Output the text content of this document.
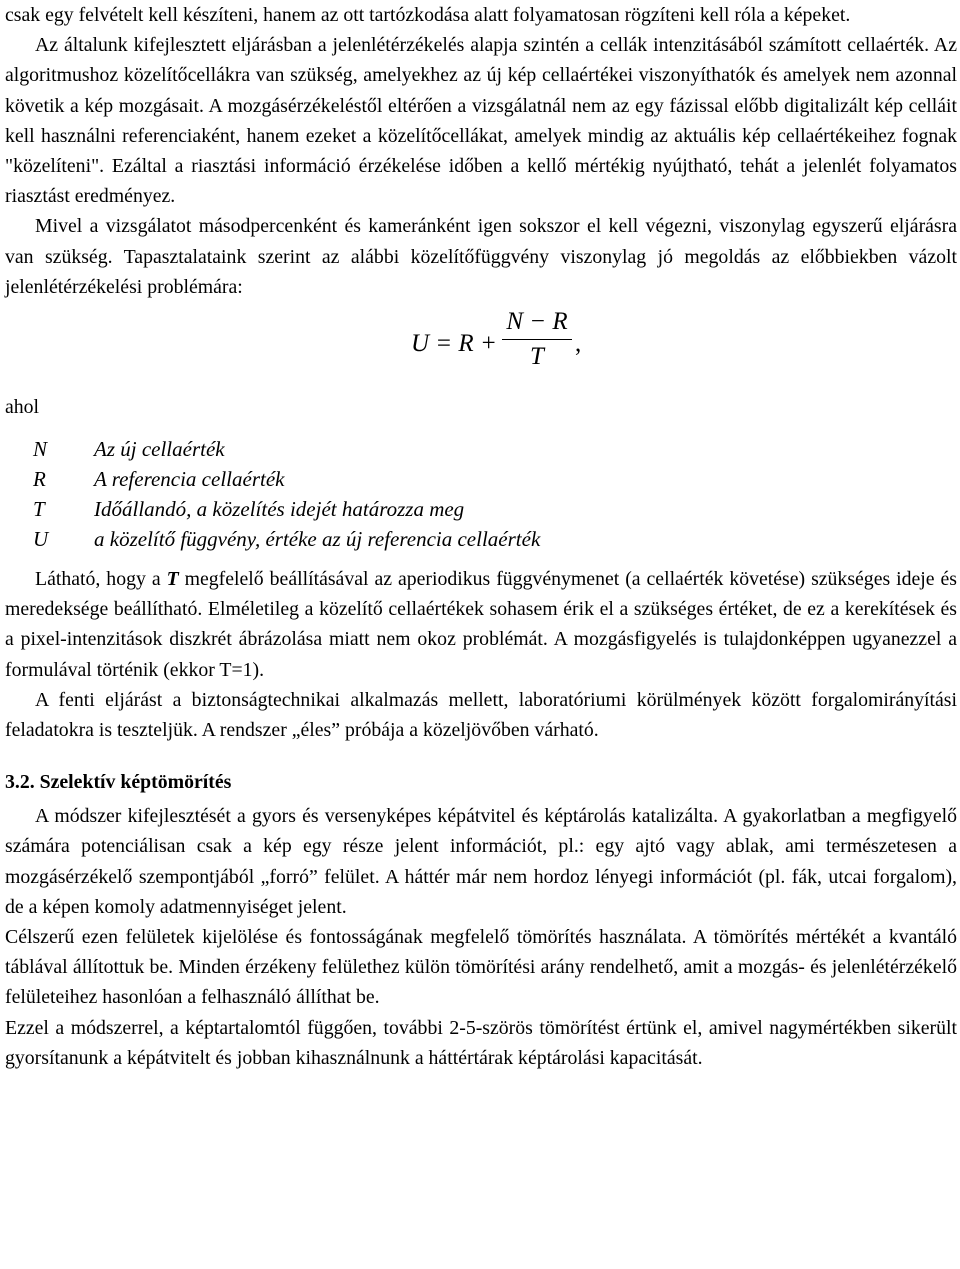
csak egy felvételt kell készíteni, hanem az ott tartózkodása alatt folyamatosan rögzíteni kell róla a képeket.

Az általunk kifejlesztett eljárásban a jelenlétérzékelés alapja szintén a cellák intenzitásából számított cellaérték. Az algoritmushoz közelítőcellákra van szükség, amelyekhez az új kép cellaértékei viszonyíthatók és amelyek nem azonnal követik a kép mozgásait. A mozgásérzékeléstől eltérően a vizsgálatnál nem az egy fázissal előbb digitalizált kép celláit kell használni referenciaként, hanem ezeket a közelítőcellákat, amelyek mindig az aktuális kép cellaértékeihez fognak "közelíteni". Ezáltal a riasztási információ érzékelése időben a kellő mértékig nyújtható, tehát a jelenlét folyamatos riasztást eredményez.

Mivel a vizsgálatot másodpercenként és kameránként igen sokszor el kell végezni, viszonylag egyszerű eljárásra van szükség. Tapasztalataink szerint az alábbi közelítőfüggvény viszonylag jó megoldás az előbbiekben vázolt jelenlétérzékelési problémára:

U = R +
N − R
T	,

ahol

N	Az új cellaérték
R	A referencia cellaérték
T	Időállandó, a közelítés idejét határozza meg
U	a közelítő függvény, értéke az új referencia cellaérték

Látható, hogy a T megfelelő beállításával az aperiodikus függvénymenet (a cellaérték követése) szükséges ideje és meredeksége beállítható. Elméletileg a közelítő cellaértékek sohasem érik el a szükséges értéket, de ez a kerekítések és a pixel-intenzitások diszkrét ábrázolása miatt nem okoz problémát. A mozgásfigyelés is tulajdonképpen ugyanezzel a formulával történik (ekkor T=1).

A fenti eljárást a biztonságtechnikai alkalmazás mellett, laboratóriumi körülmények között forgalomirányítási feladatokra is teszteljük. A rendszer „éles” próbája a közeljövőben várható.

3.2. Szelektív képtömörítés

A módszer kifejlesztését a gyors és versenyképes képátvitel és képtárolás katalizálta. A gyakorlatban a megfigyelő számára potenciálisan csak a kép egy része jelent információt, pl.: egy ajtó vagy ablak, ami természetesen a mozgásérzékelő szempontjából „forró” felület. A háttér már nem hordoz lényegi információt (pl. fák, utcai forgalom), de a képen komoly adatmennyiséget jelent.

Célszerű ezen felületek kijelölése és fontosságának megfelelő tömörítés használata. A tömörítés mértékét a kvantáló táblával állítottuk be. Minden érzékeny felülethez külön tömörítési arány rendelhető, amit a mozgás- és jelenlétérzékelő felületeihez hasonlóan a felhasználó állíthat be.

Ezzel a módszerrel, a képtartalomtól függően, további 2-5-szörös tömörítést értünk el, amivel nagymértékben sikerült gyorsítanunk a képátvitelt és jobban kihasználnunk a háttértárak képtárolási kapacitását.
